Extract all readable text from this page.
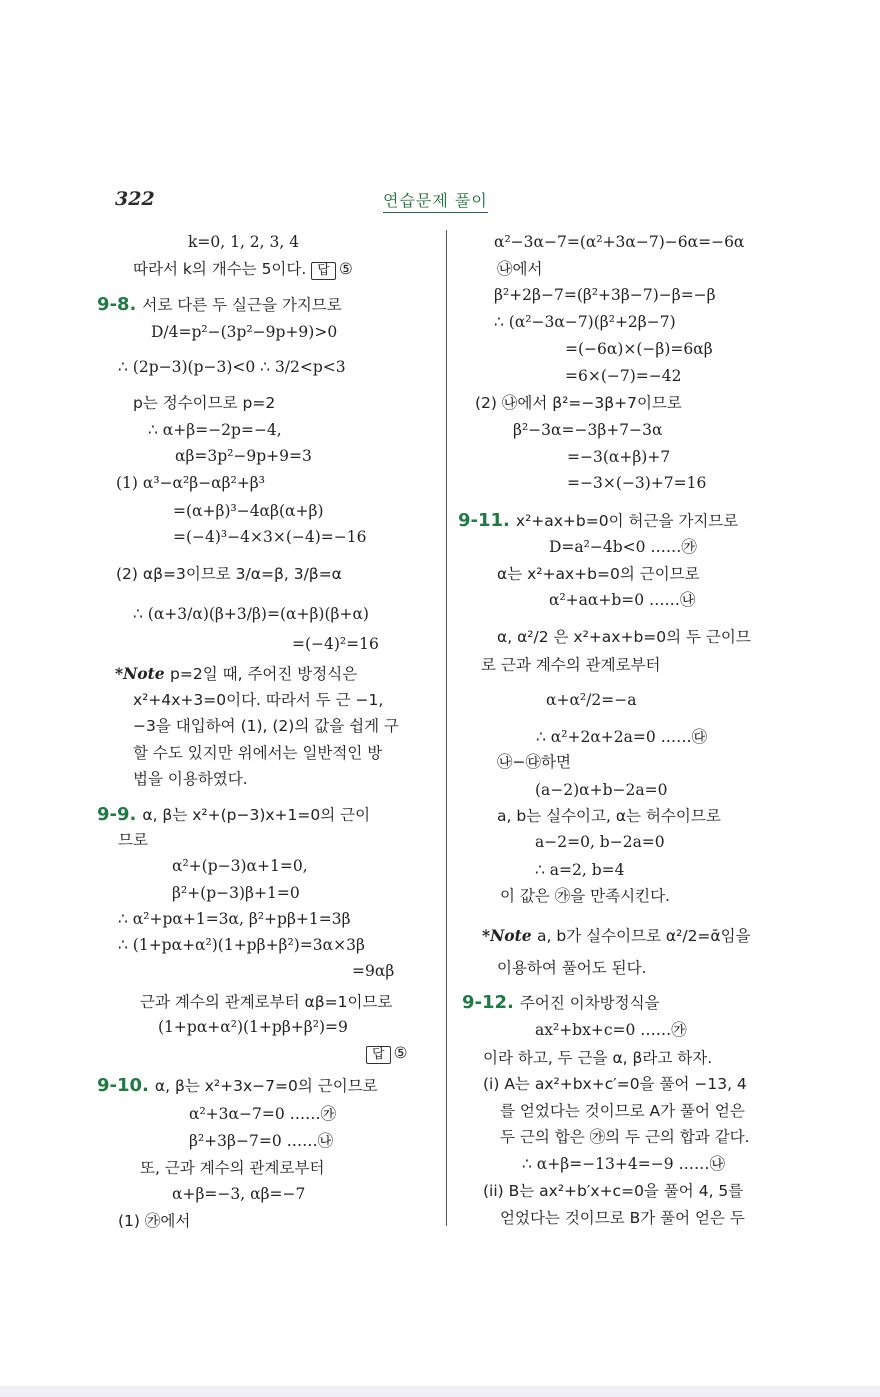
322	연습문제 풀이
k=0, 1, 2, 3, 4
따라서 k의 개수는 5이다. 답 ⑤
9-8. 서로 다른 두 실근을 가지므로
D/4=p²−(3p²−9p+9)>0
∴ (2p−3)(p−3)<0 ∴ 3/2<p<3
p는 정수이므로 p=2
∴ α+β=−2p=−4,
αβ=3p²−9p+9=3
(1) α³−α²β−αβ²+β³
=(α+β)³−4αβ(α+β)
=(−4)³−4×3×(−4)=−16
(2) αβ=3이므로 3/α=β, 3/β=α
∴ (α+3/α)(β+3/β)=(α+β)(β+α)
=(−4)²=16
*Note p=2일 때, 주어진 방정식은
x²+4x+3=0이다. 따라서 두 근 −1,
−3을 대입하여 (1), (2)의 값을 쉽게 구
할 수도 있지만 위에서는 일반적인 방
법을 이용하였다.
9-9. α, β는 x²+(p−3)x+1=0의 근이
므로
α²+(p−3)α+1=0,
β²+(p−3)β+1=0
∴ α²+pα+1=3α, β²+pβ+1=3β
∴ (1+pα+α²)(1+pβ+β²)=3α×3β
=9αβ
근과 계수의 관계로부터 αβ=1이므로
(1+pα+α²)(1+pβ+β²)=9
답 ⑤
9-10. α, β는 x²+3x−7=0의 근이므로
α²+3α−7=0 ……㉮
β²+3β−7=0 ……㉯
또, 근과 계수의 관계로부터
α+β=−3, αβ=−7
(1) ㉮에서
α²−3α−7=(α²+3α−7)−6α=−6α
㉯에서
β²+2β−7=(β²+3β−7)−β=−β
∴ (α²−3α−7)(β²+2β−7)
=(−6α)×(−β)=6αβ
=6×(−7)=−42
(2) ㉯에서 β²=−3β+7이므로
β²−3α=−3β+7−3α
=−3(α+β)+7
=−3×(−3)+7=16
9-11. x²+ax+b=0이 허근을 가지므로
D=a²−4b<0 ……㉮
α는 x²+ax+b=0의 근이므로
α²+aα+b=0 ……㉯
α, α²/2 은 x²+ax+b=0의 두 근이므
로 근과 계수의 관계로부터
α+α²/2=−a
∴ α²+2α+2a=0 ……㉰
㉯−㉰하면
(a−2)α+b−2a=0
a, b는 실수이고, α는 허수이므로
a−2=0, b−2a=0
∴ a=2, b=4
이 값은 ㉮을 만족시킨다.
*Note a, b가 실수이므로 α²/2=ᾱ임을
이용하여 풀어도 된다.
9-12. 주어진 이차방정식을
ax²+bx+c=0 ……㉮
이라 하고, 두 근을 α, β라고 하자.
(i) A는 ax²+bx+c′=0을 풀어 −13, 4
를 얻었다는 것이므로 A가 풀어 얻은
두 근의 합은 ㉮의 두 근의 합과 같다.
∴ α+β=−13+4=−9 ……㉯
(ii) B는 ax²+b′x+c=0을 풀어 4, 5를
얻었다는 것이므로 B가 풀어 얻은 두
